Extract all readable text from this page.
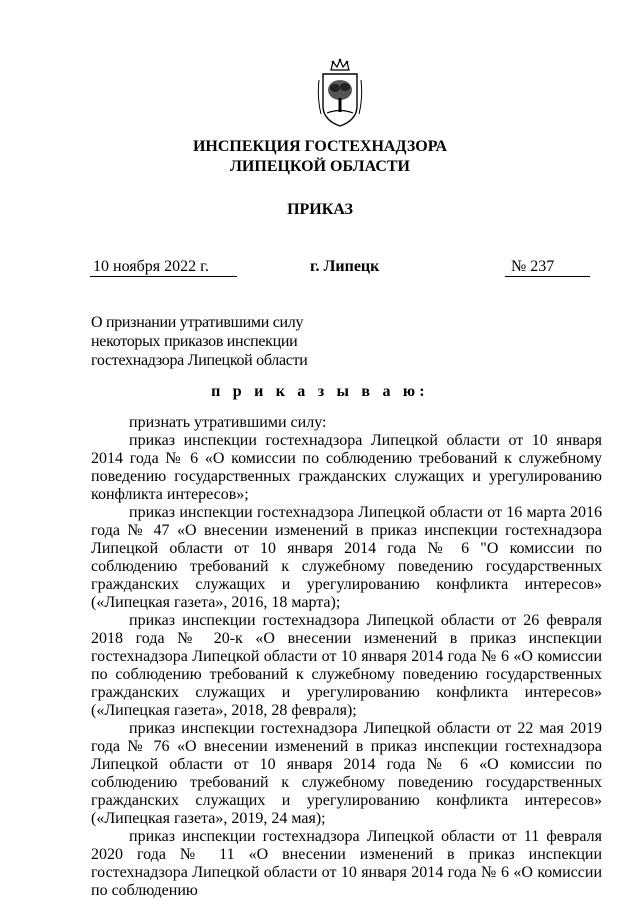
ИНСПЕКЦИЯ ГОСТЕХНАДЗОРА
ЛИПЕЦКОЙ ОБЛАСТИ
ПРИКАЗ
10 ноября 2022 г.	г. Липецк	№ 237
О признании утратившими силу
некоторых приказов инспекции
гостехнадзора Липецкой области
п р и к а з ы в а ю:

признать утратившими силу:

приказ инспекции гостехнадзора Липецкой области от 10 января 2014 года № 6 «О комиссии по соблюдению требований к служебному поведению государственных гражданских служащих и урегулированию конфликта интересов»;

приказ инспекции гостехнадзора Липецкой области от 16 марта 2016 года № 47 «О внесении изменений в приказ инспекции гостехнадзора Липецкой области от 10 января 2014 года № 6 "О комиссии по соблюдению требований к служебному поведению государственных гражданских служащих и урегулированию конфликта интересов» («Липецкая газета», 2016, 18 марта);

приказ инспекции гостехнадзора Липецкой области от 26 февраля 2018 года № 20-к «О внесении изменений в приказ инспекции гостехнадзора Липецкой области от 10 января 2014 года № 6 «О комиссии по соблюдению требований к служебному поведению государственных гражданских служащих и урегулированию конфликта интересов» («Липецкая газета», 2018, 28 февраля);

приказ инспекции гостехнадзора Липецкой области от 22 мая 2019 года № 76 «О внесении изменений в приказ инспекции гостехнадзора Липецкой области от 10 января 2014 года № 6 «О комиссии по соблюдению требований к служебному поведению государственных гражданских служащих и урегулированию конфликта интересов» («Липецкая газета», 2019, 24 мая);

приказ инспекции гостехнадзора Липецкой области от 11 февраля 2020 года № 11 «О внесении изменений в приказ инспекции гостехнадзора Липецкой области от 10 января 2014 года № 6 «О комиссии по соблюдению
